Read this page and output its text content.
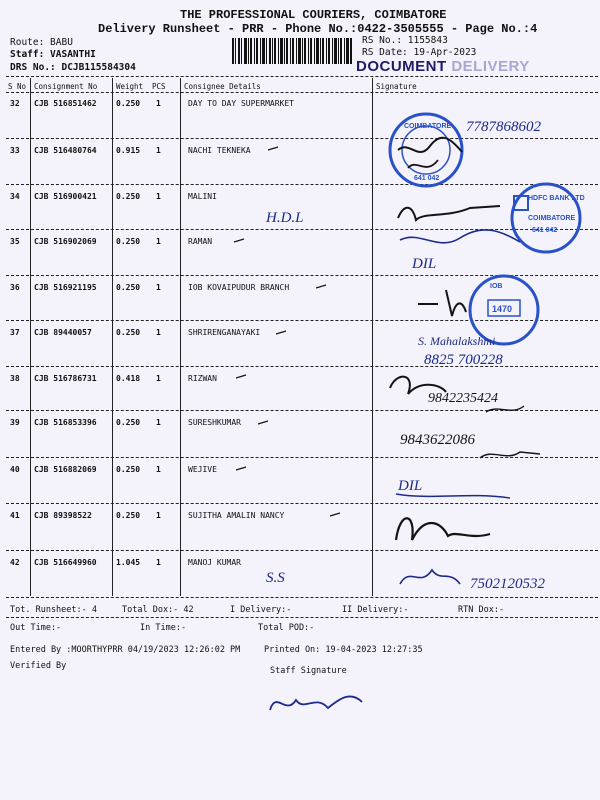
THE PROFESSIONAL COURIERS, COIMBATORE
Delivery Runsheet - PRR - Phone No.:0422-3505555 - Page No.:4
Route: BABU
Staff: VASANTHI
DRS No.: DCJB115584304
RS No.: 1155843
RS Date: 19-Apr-2023
DOCUMENT DELIVERY
S No Consignment No	Weight PCS Consignee Details	Signature
32 CJB 516851462 0.250 1	DAY TO DAY SUPERMARKET
33 CJB 516480764 0.915 1	NACHI TEKNEKA
34 CJB 516900421 0.250 1	MALINI
35 CJB 516902069 0.250 1	RAMAN
36 CJB 516921195 0.250 1	IOB KOVAIPUDUR BRANCH
37 CJB 89440057	0.250 1	SHRIRENGANAYAKI
38 CJB 516786731 0.418 1	RIZWAN
39 CJB 516853396 0.250 1	SURESHKUMAR
40 CJB 516882069 0.250 1	WEJIVE
41 CJB 89398522	0.250 1	SUJITHA AMALIN NANCY
42 CJB 516649960 1.045 1	MANOJ KUMAR
COIMBATORE
641 042
7787868602
HDFC BANK LTD
COIMBATORE
641 042
H.D.L
DIL
IOB
1470
S. Mahalakshmi
8825 700228
9842235424
9843622086
DIL
S.S	7502120532
Tot. Runsheet:- 4	Total Dox:- 42	I Delivery:-	II Delivery:-	RTN Dox:-
Out Time:-	In Time:-	Total POD:-
Entered By :MOORTHYPRR 04/19/2023 12:26:02 PM	Printed On: 19-04-2023 12:27:35
Verified By	Staff Signature
